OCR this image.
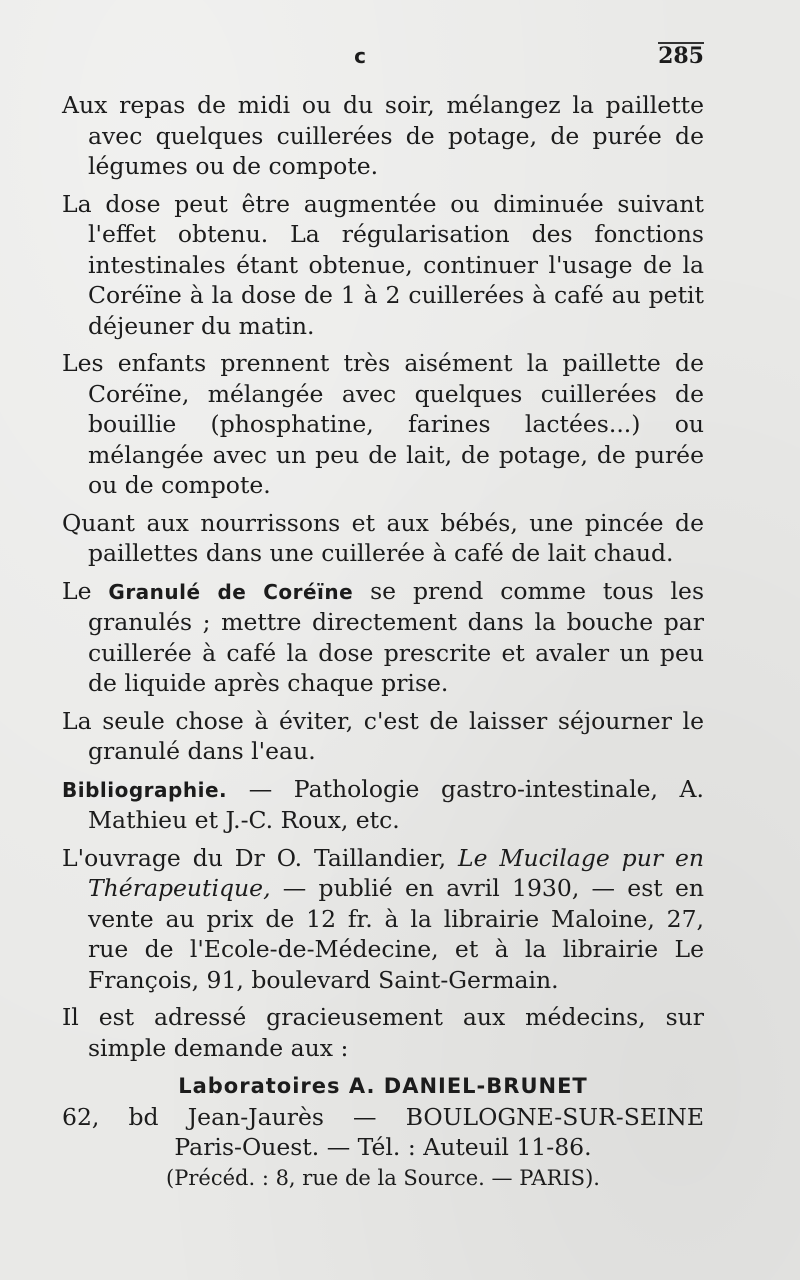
c	285

Aux repas de midi ou du soir, mélangez la paillette avec quelques cuillerées de potage, de purée de légumes ou de compote.

La dose peut être augmentée ou diminuée suivant l'effet obtenu. La régularisation des fonctions intestinales étant obtenue, continuer l'usage de la Coréïne à la dose de 1 à 2 cuillerées à café au petit déjeuner du matin.

Les enfants prennent très aisément la paillette de Coréïne, mélangée avec quelques cuillerées de bouillie (phosphatine, farines lactées...) ou mélangée avec un peu de lait, de potage, de purée ou de compote.

Quant aux nourrissons et aux bébés, une pincée de paillettes dans une cuillerée à café de lait chaud.

Le Granulé de Coréïne se prend comme tous les granulés ; mettre directement dans la bouche par cuillerée à café la dose prescrite et avaler un peu de liquide après chaque prise.

La seule chose à éviter, c'est de laisser séjourner le granulé dans l'eau.

Bibliographie. — Pathologie gastro-intestinale, A. Mathieu et J.-C. Roux, etc.

L'ouvrage du Dr O. Taillandier, Le Mucilage pur en Thérapeutique, — publié en avril 1930, — est en vente au prix de 12 fr. à la librairie Maloine, 27, rue de l'Ecole-de-Médecine, et à la librairie Le François, 91, boulevard Saint-Germain.

Il est adressé gracieusement aux médecins, sur simple demande aux :

Laboratoires A. DANIEL-BRUNET
62, bd Jean-Jaurès — BOULOGNE-SUR-SEINE
Paris-Ouest. — Tél. : Auteuil 11-86.
(Précéd. : 8, rue de la Source. — PARIS).
